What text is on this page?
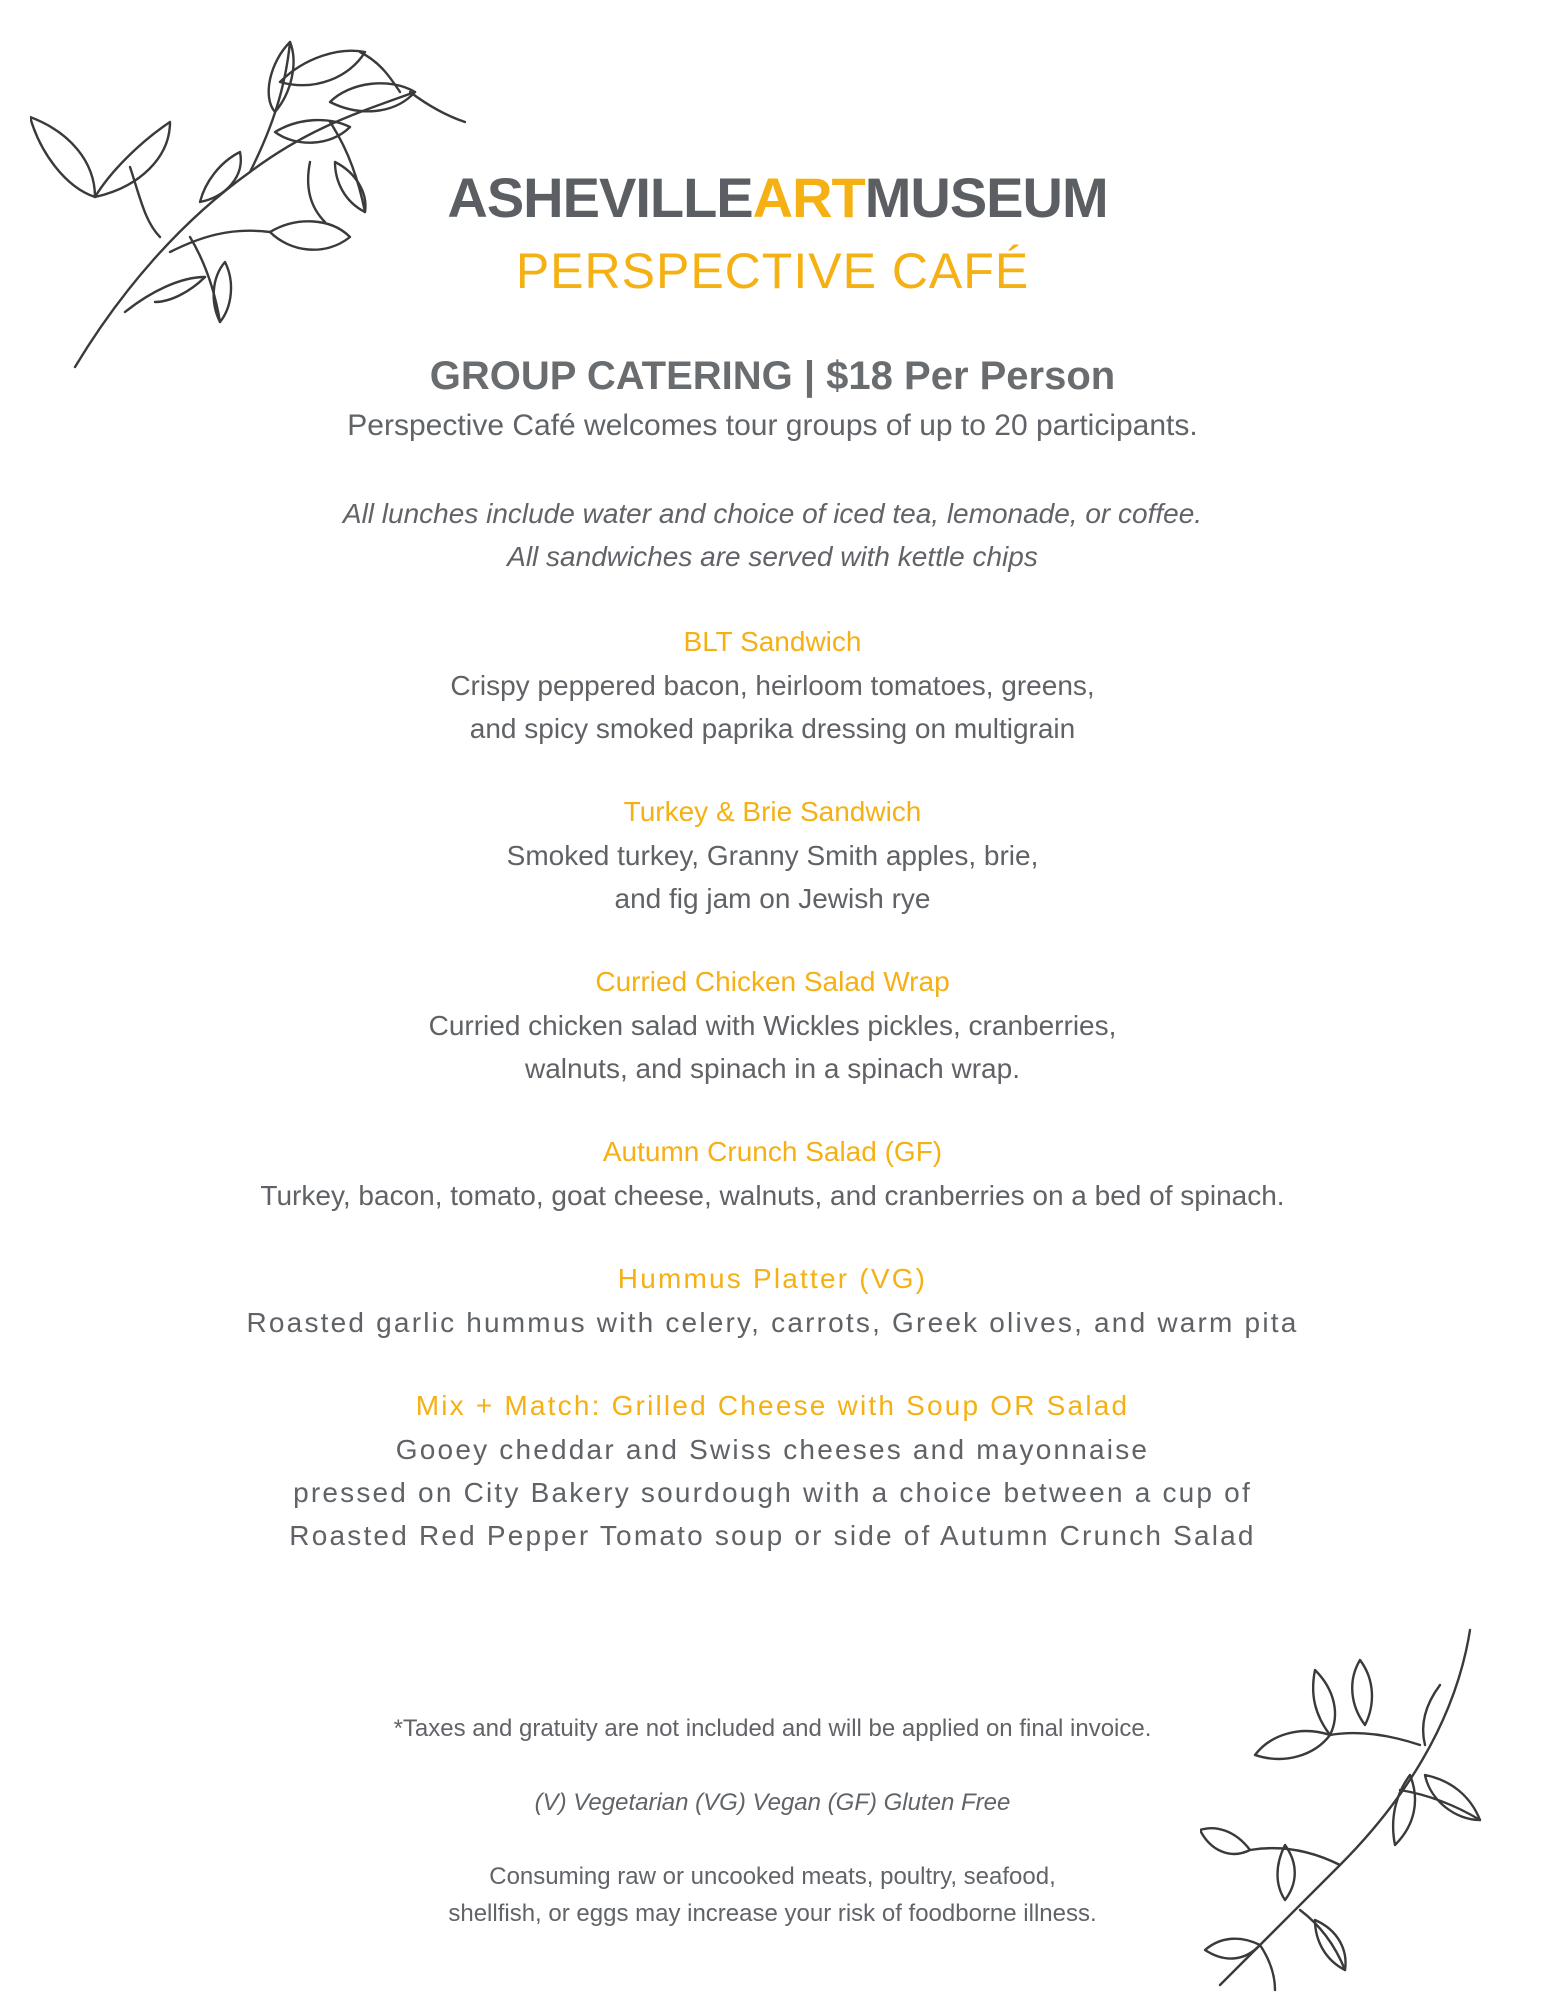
ASHEVILLEARTMUSEUM
PERSPECTIVE CAFÉ

GROUP CATERING | $18 Per Person

Perspective Café welcomes tour groups of up to 20 participants.

All lunches include water and choice of iced tea, lemonade, or coffee.

All sandwiches are served with kettle chips

BLT Sandwich

Crispy peppered bacon, heirloom tomatoes, greens,

and spicy smoked paprika dressing on multigrain

Turkey & Brie Sandwich

Smoked turkey, Granny Smith apples, brie,

and fig jam on Jewish rye

Curried Chicken Salad Wrap

Curried chicken salad with Wickles pickles, cranberries,

walnuts, and spinach in a spinach wrap.

Autumn Crunch Salad (GF)

Turkey, bacon, tomato, goat cheese, walnuts, and cranberries on a bed of spinach.

Hummus Platter (VG)

Roasted garlic hummus with celery, carrots, Greek olives, and warm pita

Mix + Match: Grilled Cheese with Soup OR Salad

Gooey cheddar and Swiss cheeses and mayonnaise

pressed on City Bakery sourdough with a choice between a cup of

Roasted Red Pepper Tomato soup or side of Autumn Crunch Salad

*Taxes and gratuity are not included and will be applied on final invoice.

(V) Vegetarian (VG) Vegan (GF) Gluten Free

Consuming raw or uncooked meats, poultry, seafood,

shellfish, or eggs may increase your risk of foodborne illness.
